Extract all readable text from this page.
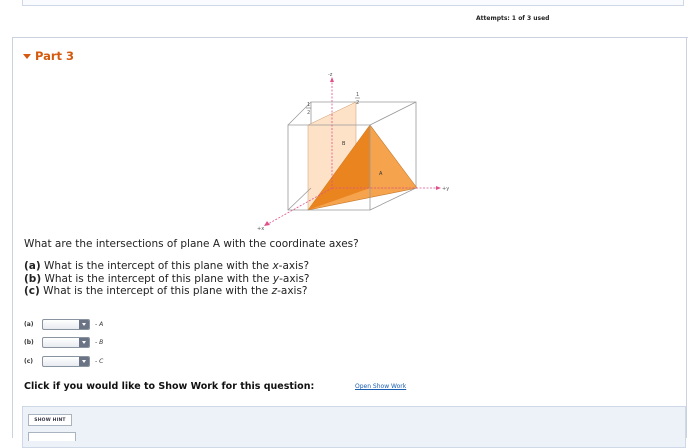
Attempts: 1 of 3 used
Part 3
-z
+y
+x
1
2
1
2
B
A
What are the intersections of plane A with the coordinate axes?
(a) What is the intercept of this plane with the x-axis?
(b) What is the intercept of this plane with the y-axis?
(c) What is the intercept of this plane with the z-axis?
(a)	- A
(b)	- B
(c)	- C
Click if you would like to Show Work for this question:	Open Show Work
SHOW HINT
